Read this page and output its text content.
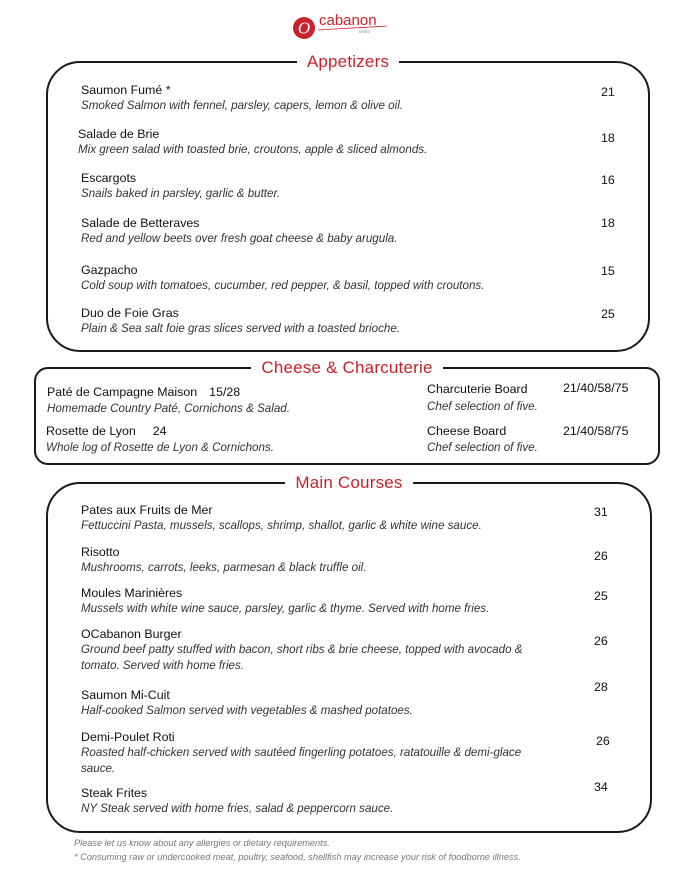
O cabanon
bistro
Appetizers
Saumon Fumé *
Smoked Salmon with fennel, parsley, capers, lemon & olive oil.
21
Salade de Brie
Mix green salad with toasted brie, croutons, apple & sliced almonds.
18
Escargots
Snails baked in parsley, garlic & butter.
16
Salade de Betteraves
Red and yellow beets over fresh goat cheese & baby arugula.
18
Gazpacho
Cold soup with tomatoes, cucumber, red pepper, & basil, topped with croutons.
15
Duo de Foie Gras
Plain & Sea salt foie gras slices served with a toasted brioche.
25
Cheese & Charcuterie
Paté de Campagne Maison 15/28
Homemade Country Paté, Cornichons & Salad.
Rosette de Lyon 24
Whole log of Rosette de Lyon & Cornichons.
Charcuterie Board
Chef selection of five.
21/40/58/75
Cheese Board
Chef selection of five.
21/40/58/75
Main Courses
Pates aux Fruits de Mer
Fettuccini Pasta, mussels, scallops, shrimp, shallot, garlic & white wine sauce.
31
Risotto
Mushrooms, carrots, leeks, parmesan & black truffle oil.
26
Moules Marinières
Mussels with white wine sauce, parsley, garlic & thyme. Served with home fries.
25
OCabanon Burger
Ground beef patty stuffed with bacon, short ribs & brie cheese, topped with avocado & tomato. Served with home fries.
26
Saumon Mi-Cuit
Half-cooked Salmon served with vegetables & mashed potatoes.
28
Demi-Poulet Roti
Roasted half-chicken served with sautéed fingerling potatoes, ratatouille & demi-glace sauce.
26
Steak Frites
NY Steak served with home fries, salad & peppercorn sauce.
34
Please let us know about any allergies or dietary requirements.
* Consuming raw or undercooked meat, poultry, seafood, shellfish may increase your risk of foodborne illness.
